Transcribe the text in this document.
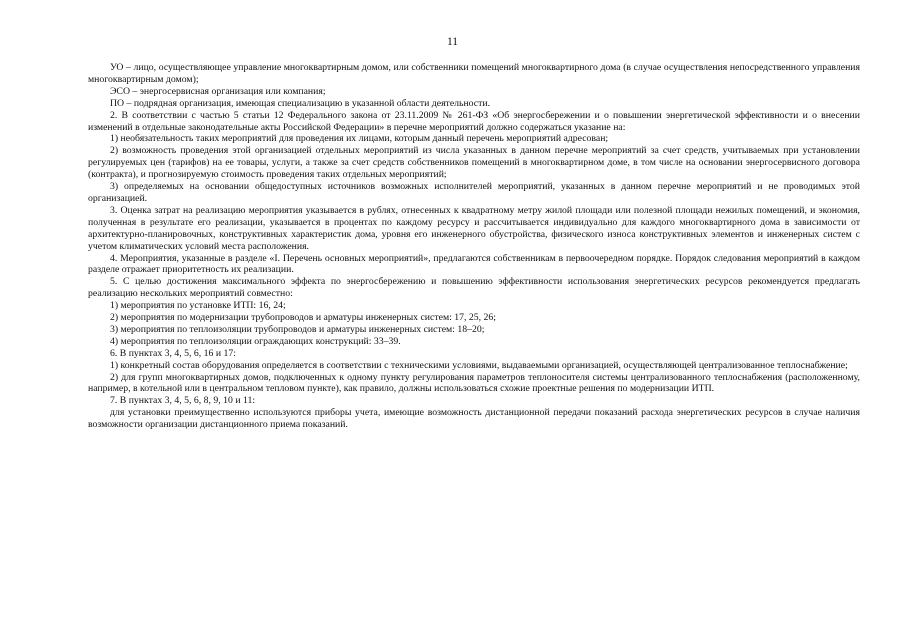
11

УО – лицо, осуществляющее управление многоквартирным домом, или собственники помещений многоквартирного дома (в случае осуществления непосредственного управления многоквартирным домом);

ЭСО – энергосервисная организация или компания;

ПО – подрядная организация, имеющая специализацию в указанной области деятельности.

2. В соответствии с частью 5 статьи 12 Федерального закона от 23.11.2009 № 261-ФЗ «Об энергосбережении и о повышении энергетической эффективности и о внесении изменений в отдельные законодательные акты Российской Федерации» в перечне мероприятий должно содержаться указание на:

1) необязательность таких мероприятий для проведения их лицами, которым данный перечень мероприятий адресован;

2) возможность проведения этой организацией отдельных мероприятий из числа указанных в данном перечне мероприятий за счет средств, учитываемых при установлении регулируемых цен (тарифов) на ее товары, услуги, а также за счет средств собственников помещений в многоквартирном доме, в том числе на основании энергосервисного договора (контракта), и прогнозируемую стоимость проведения таких отдельных мероприятий;

3) определяемых на основании общедоступных источников возможных исполнителей мероприятий, указанных в данном перечне мероприятий и не проводимых этой организацией.

3. Оценка затрат на реализацию мероприятия указывается в рублях, отнесенных к квадратному метру жилой площади или полезной площади нежилых помещений, и экономия, полученная в результате его реализации, указывается в процентах по каждому ресурсу и рассчитывается индивидуально для каждого многоквартирного дома в зависимости от архитектурно-планировочных, конструктивных характеристик дома, уровня его инженерного обустройства, физического износа конструктивных элементов и инженерных систем с учетом климатических условий места расположения.

4. Мероприятия, указанные в разделе «I. Перечень основных мероприятий», предлагаются собственникам в первоочередном порядке. Порядок следования мероприятий в каждом разделе отражает приоритетность их реализации.

5. С целью достижения максимального эффекта по энергосбережению и повышению эффективности использования энергетических ресурсов рекомендуется предлагать реализацию нескольких мероприятий совместно:

1) мероприятия по установке ИТП: 16, 24;

2) мероприятия по модернизации трубопроводов и арматуры инженерных систем: 17, 25, 26;

3) мероприятия по теплоизоляции трубопроводов и арматуры инженерных систем: 18–20;

4) мероприятия по теплоизоляции ограждающих конструкций: 33–39.

6. В пунктах 3, 4, 5, 6, 16 и 17:

1) конкретный состав оборудования определяется в соответствии с техническими условиями, выдаваемыми организацией, осуществляющей централизованное теплоснабжение;

2) для групп многоквартирных домов, подключенных к одному пункту регулирования параметров теплоносителя системы централизованного теплоснабжения (расположенному, например, в котельной или в центральном тепловом пункте), как правило, должны использоваться схожие проектные решения по модернизации ИТП.

7. В пунктах 3, 4, 5, 6, 8, 9, 10 и 11:

для установки преимущественно используются приборы учета, имеющие возможность дистанционной передачи показаний расхода энергетических ресурсов в случае наличия возможности организации дистанционного приема показаний.
